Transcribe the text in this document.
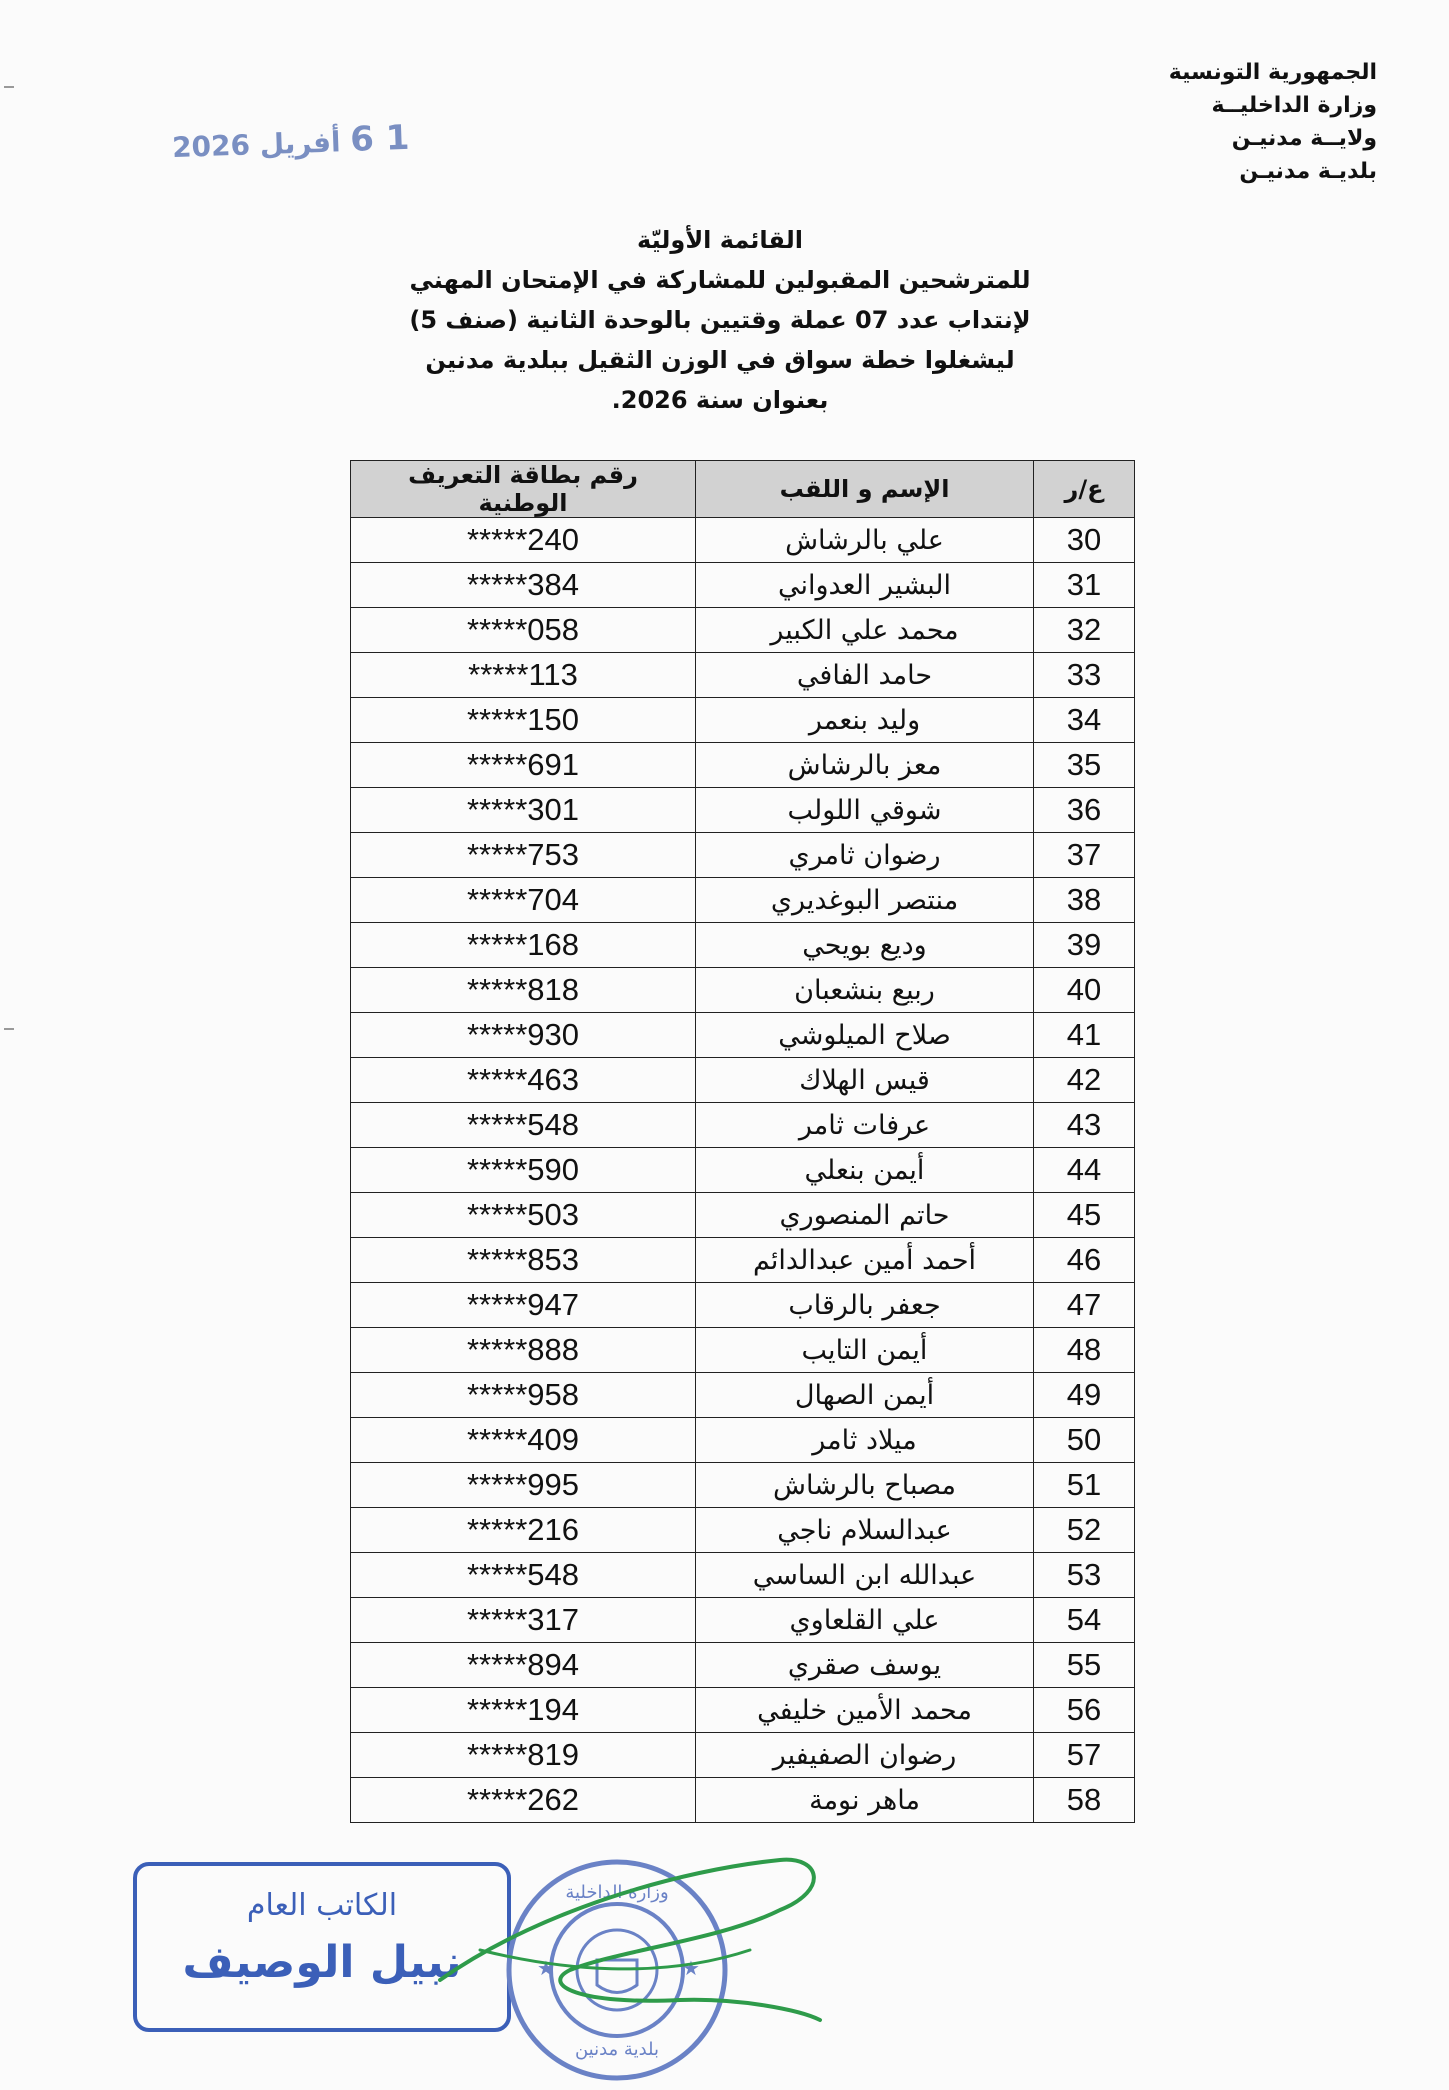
الجمهورية التونسية
وزارة الداخليــة
ولايــة مدنيـن
بلديـة مدنيـن
1 6 أفريل 2026
القائمة الأوليّة
للمترشحين المقبولين للمشاركة في الإمتحان المهني
لإنتداب عدد 07 عملة وقتيين بالوحدة الثانية (صنف 5)
ليشغلوا خطة سواق في الوزن الثقيل ببلدية مدنين
بعنوان سنة 2026.
ع/ر	الإسم و اللقب	رقم بطاقة التعريف الوطنية
30	علي بالرشاش	*****240
31	البشير العدواني	*****384
32	محمد علي الكبير	*****058
33	حامد الفافي	*****113
34	وليد بنعمر	*****150
35	معز بالرشاش	*****691
36	شوقي اللولب	*****301
37	رضوان ثامري	*****753
38	منتصر البوغديري	*****704
39	وديع بويحي	*****168
40	ربيع بنشعبان	*****818
41	صلاح الميلوشي	*****930
42	قيس الهلاك	*****463
43	عرفات ثامر	*****548
44	أيمن بنعلي	*****590
45	حاتم المنصوري	*****503
46	أحمد أمين عبدالدائم	*****853
47	جعفر بالرقاب	*****947
48	أيمن التايب	*****888
49	أيمن الصهال	*****958
50	ميلاد ثامر	*****409
51	مصباح بالرشاش	*****995
52	عبدالسلام ناجي	*****216
53	عبدالله ابن الساسي	*****548
54	علي القلعاوي	*****317
55	يوسف صقري	*****894
56	محمد الأمين خليفي	*****194
57	رضوان الصفيفير	*****819
58	ماهر نومة	*****262
الكاتب العام
نبيل الوصيف	★	★
بلدية مدنين
وزارة الداخلية
